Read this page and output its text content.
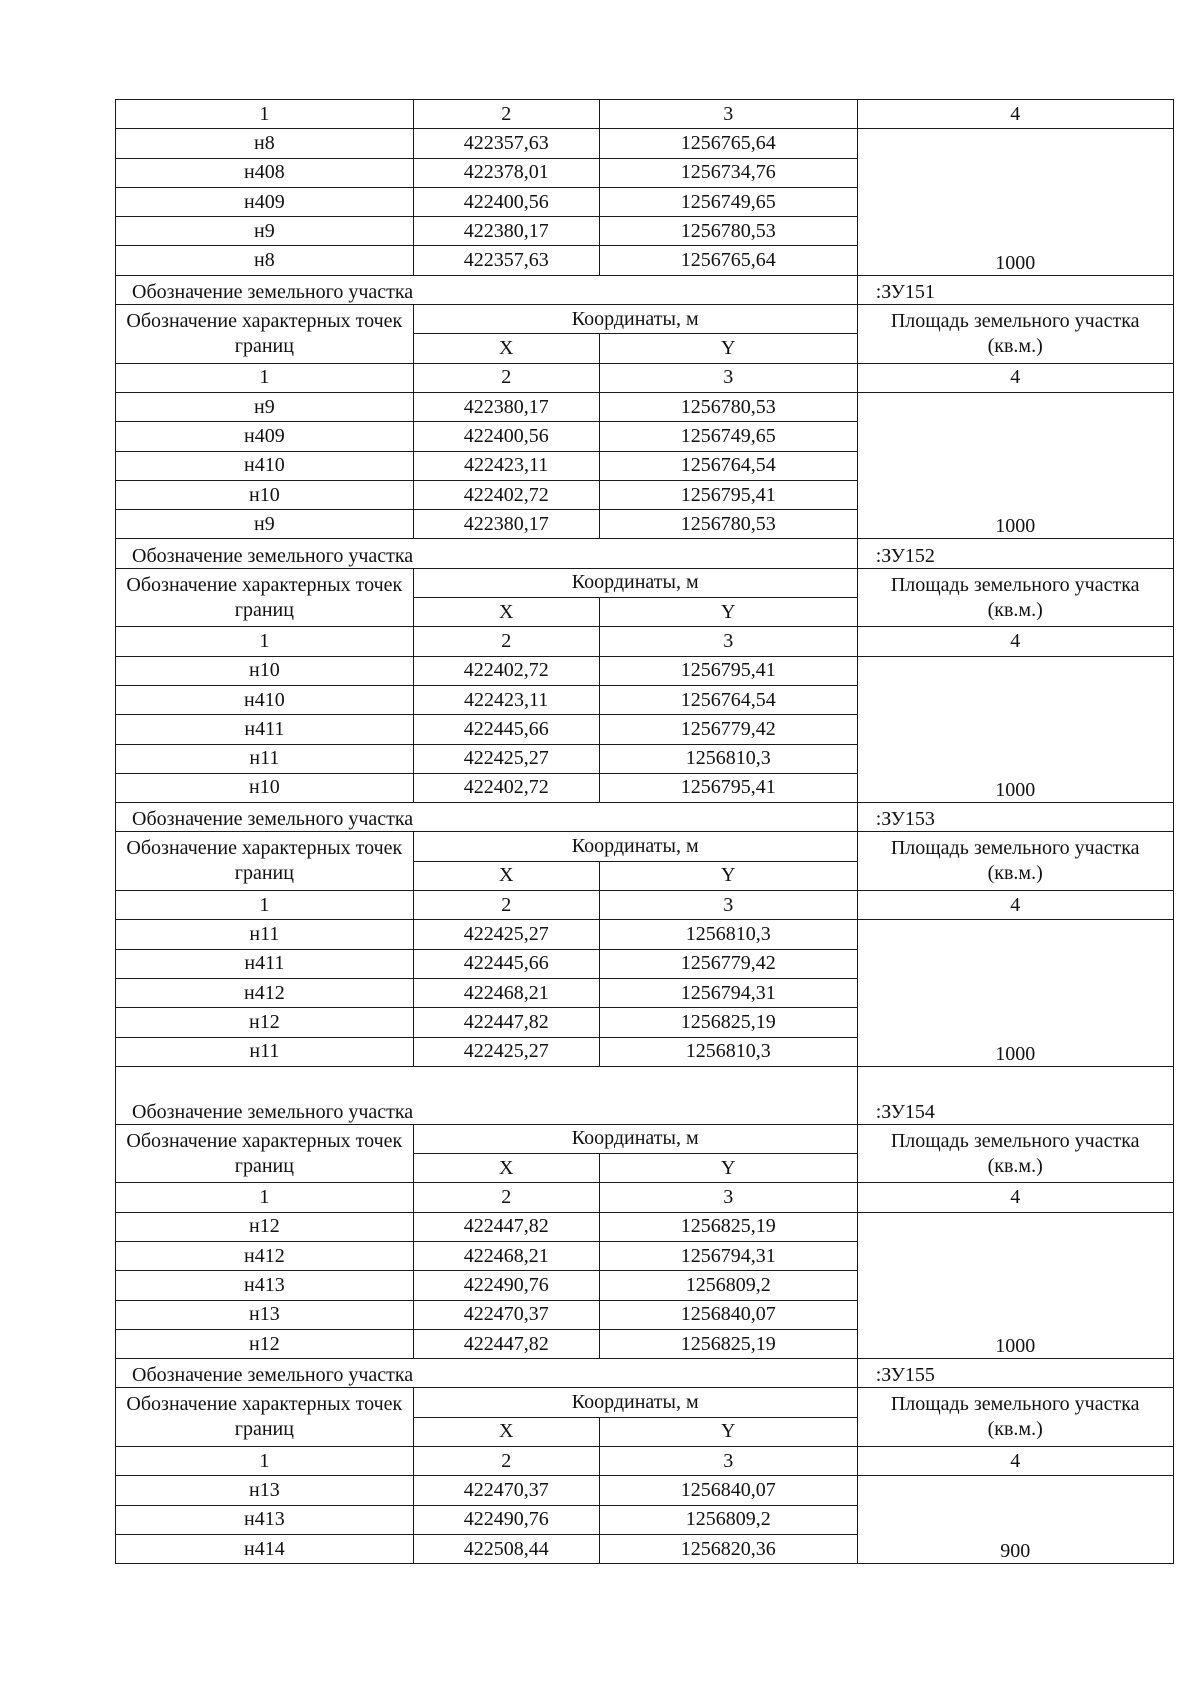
1	2	3	4
н8	422357,63	1256765,64	1000
н408	422378,01	1256734,76	
н409	422400,56	1256749,65	
н9	422380,17	1256780,53	
н8	422357,63	1256765,64	
Обозначение земельного участка			:ЗУ151
Обозначение характерных точек границ	Координаты, м		Площадь земельного участка (кв.м.)
	X	Y	
1	2	3	4
н9	422380,17	1256780,53	1000
н409	422400,56	1256749,65	
н410	422423,11	1256764,54	
н10	422402,72	1256795,41	
н9	422380,17	1256780,53	
Обозначение земельного участка			:ЗУ152
Обозначение характерных точек границ	Координаты, м		Площадь земельного участка (кв.м.)
	X	Y	
1	2	3	4
н10	422402,72	1256795,41	1000
н410	422423,11	1256764,54	
н411	422445,66	1256779,42	
н11	422425,27	1256810,3	
н10	422402,72	1256795,41	
Обозначение земельного участка			:ЗУ153
Обозначение характерных точек границ	Координаты, м		Площадь земельного участка (кв.м.)
	X	Y	
1	2	3	4
н11	422425,27	1256810,3	1000
н411	422445,66	1256779,42	
н412	422468,21	1256794,31	
н12	422447,82	1256825,19	
н11	422425,27	1256810,3	
Обозначение земельного участка			:ЗУ154
Обозначение характерных точек границ	Координаты, м		Площадь земельного участка (кв.м.)
	X	Y	
1	2	3	4
н12	422447,82	1256825,19	1000
н412	422468,21	1256794,31	
н413	422490,76	1256809,2	
н13	422470,37	1256840,07	
н12	422447,82	1256825,19	
Обозначение земельного участка			:ЗУ155
Обозначение характерных точек границ	Координаты, м		Площадь земельного участка (кв.м.)
	X	Y	
1	2	3	4
н13	422470,37	1256840,07	900
н413	422490,76	1256809,2	
н414	422508,44	1256820,36	
